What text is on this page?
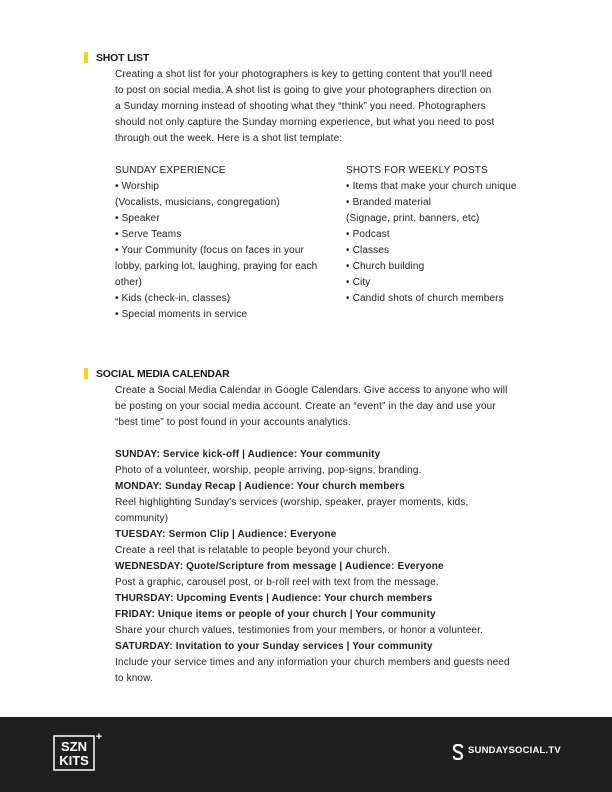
SHOT LIST

Creating a shot list for your photographers is key to getting content that you'll need

to post on social media. A shot list is going to give your photographers direction on

a Sunday morning instead of shooting what they “think” you need. Photographers

should not only capture the Sunday morning experience, but what you need to post

through out the week. Here is a shot list template:

SUNDAY EXPERIENCE
• Worship
(Vocalists, musicians, congregation)
• Speaker
• Serve Teams
• Your Community (focus on faces in your
lobby, parking lot, laughing, praying for each
other)
• Kids (check-in, classes)
• Special moments in service
SHOTS FOR WEEKLY POSTS
• Items that make your church unique
• Branded material
(Signage, print, banners, etc)
• Podcast
• Classes
• Church building
• City
• Candid shots of church members
SOCIAL MEDIA CALENDAR

Create a Social Media Calendar in Google Calendars. Give access to anyone who will

be posting on your social media account. Create an “event” in the day and use your

“best time” to post found in your accounts analytics.

SUNDAY: Service kick-off | Audience: Your community
Photo of a volunteer, worship, people arriving, pop-signs, branding.
MONDAY: Sunday Recap | Audience: Your church members
Reel highlighting Sunday's services (worship, speaker, prayer moments, kids,
community)
TUESDAY: Sermon Clip | Audience: Everyone
Create a reel that is relatable to people beyond your church.
WEDNESDAY: Quote/Scripture from message | Audience: Everyone
Post a graphic, carousel post, or b-roll reel with text from the message.
THURSDAY: Upcoming Events | Audience: Your church members
FRIDAY: Unique items or people of your church | Your community
Share your church values, testimonies from your members, or honor a volunteer.
SATURDAY: Invitation to your Sunday services | Your community
Include your service times and any information your church members and guests need
to know.
SZN
KITS
+
SUNDAYSOCIAL.TV
